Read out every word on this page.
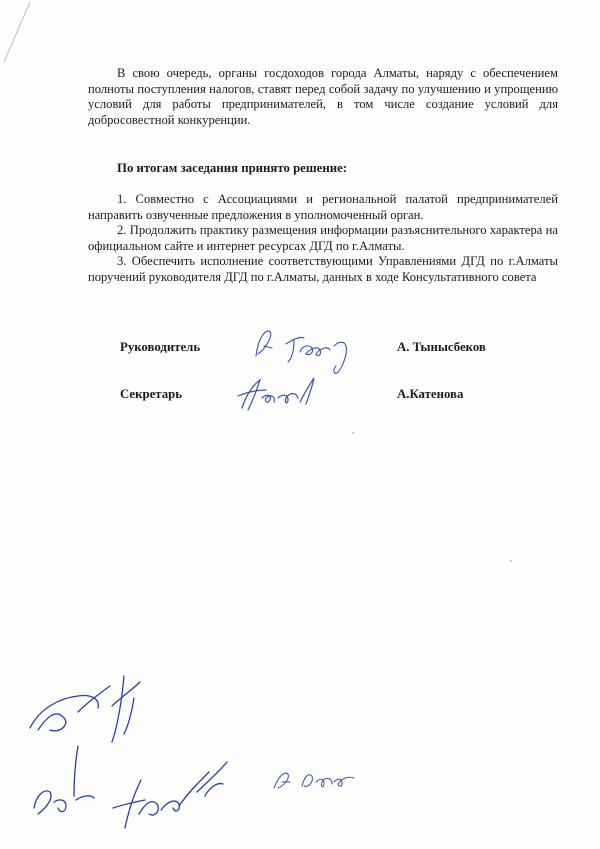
В свою очередь, органы госдоходов города Алматы, наряду с обеспечением полноты поступления налогов, ставят перед собой задачу по улучшению и упрощению условий для работы предпринимателей, в том числе создание условий для добросовестной конкуренции.

По итогам заседания принято решение:

1. Совместно с Ассоциациями и региональной палатой предпринимателей направить озвученные предложения в уполномоченный орган.

2. Продолжить практику размещения информации разъяснительного характера на официальном сайте и интернет ресурсах ДГД по г.Алматы.

3. Обеспечить исполнение соответствующими Управлениями ДГД по г.Алматы поручений руководителя ДГД по г.Алматы, данных в ходе Консультативного совета

Руководитель	А. Тынысбеков
Секретарь	А.Катенова
